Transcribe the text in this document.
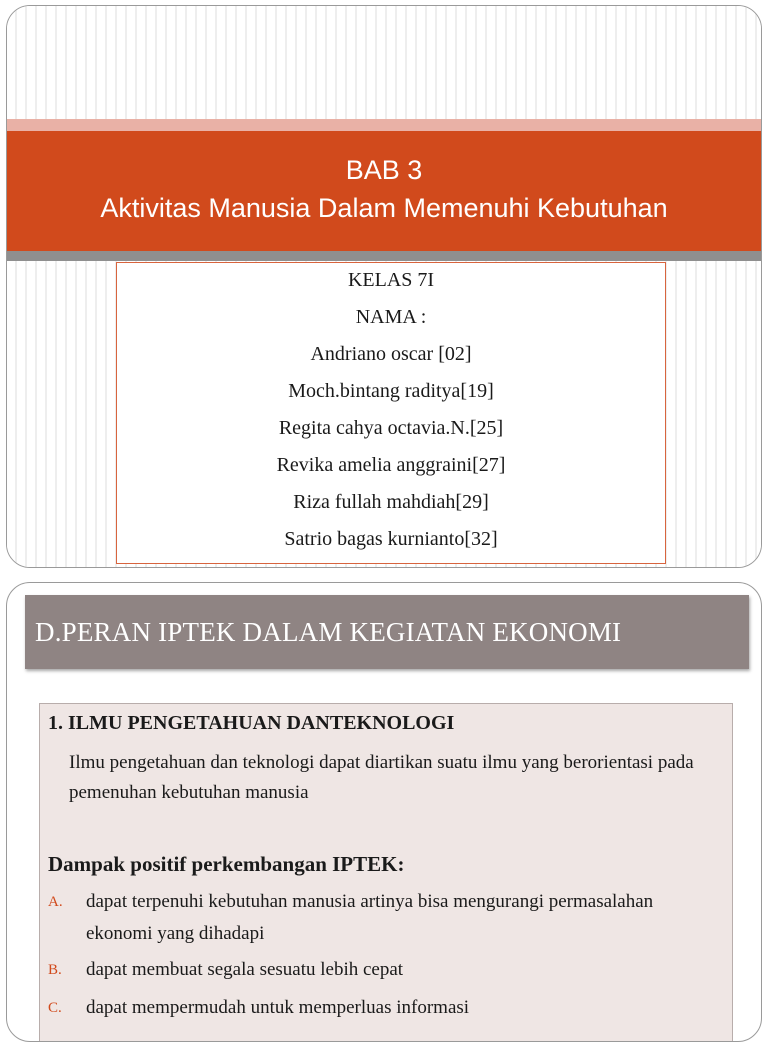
BAB 3
Aktivitas Manusia Dalam Memenuhi Kebutuhan
KELAS 7I
NAMA :
Andriano oscar [02]
Moch.bintang raditya[19]
Regita cahya octavia.N.[25]
Revika amelia anggraini[27]
Riza fullah mahdiah[29]
Satrio bagas kurnianto[32]
D.PERAN IPTEK DALAM KEGIATAN EKONOMI
1. ILMU PENGETAHUAN DANTEKNOLOGI
Ilmu pengetahuan dan teknologi dapat diartikan suatu ilmu yang berorientasi pada pemenuhan kebutuhan manusia
Dampak positif perkembangan IPTEK:
A. dapat terpenuhi kebutuhan manusia artinya bisa mengurangi permasalahan ekonomi yang dihadapi
B. dapat membuat segala sesuatu lebih cepat
C. dapat mempermudah untuk memperluas informasi
